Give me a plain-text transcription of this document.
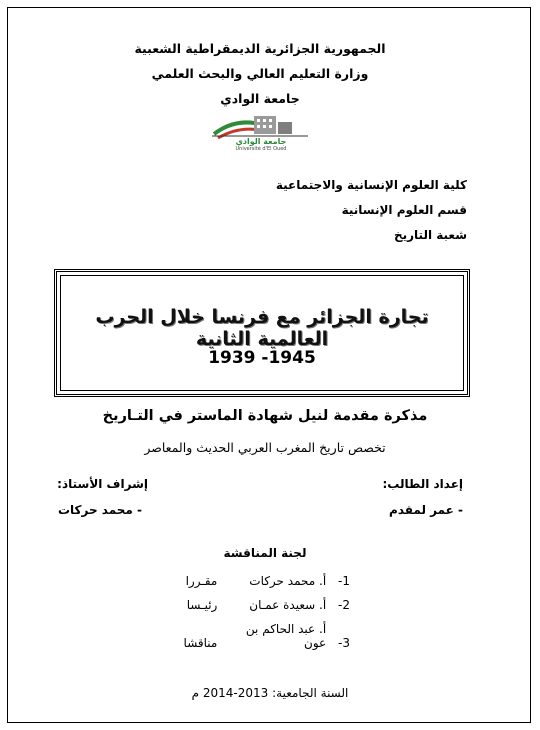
الجمهورية الجزائرية الديمقراطية الشعبية
وزارة التعليم العالي والبحث العلمي
جامعة الوادي
جامعة الوادي
Université d'El Oued
كلية العلوم الإنسانية والاجتماعية
قسم العلوم الإنسانية
شعبة التاريخ
تجارة الجزائر مع فرنسا خلال الحرب العالمية الثانية
1939 -1945
مذكرة مقدمة لنيل شهادة الماستر في التـاريخ
تخصص تاريخ المغرب العربي الحديث والمعاصر
إعداد الطالب:
- عمر لمقدم
إشراف الأستاذ:
- محمد حركات
لجنة المناقشة
1- أ. محمد حركات مقـررا
2- أ. سعيدة عمـان رئيـسا
3- أ. عبد الحاكم بن عون مناقشا
السنة الجامعية: 2013-2014 م
